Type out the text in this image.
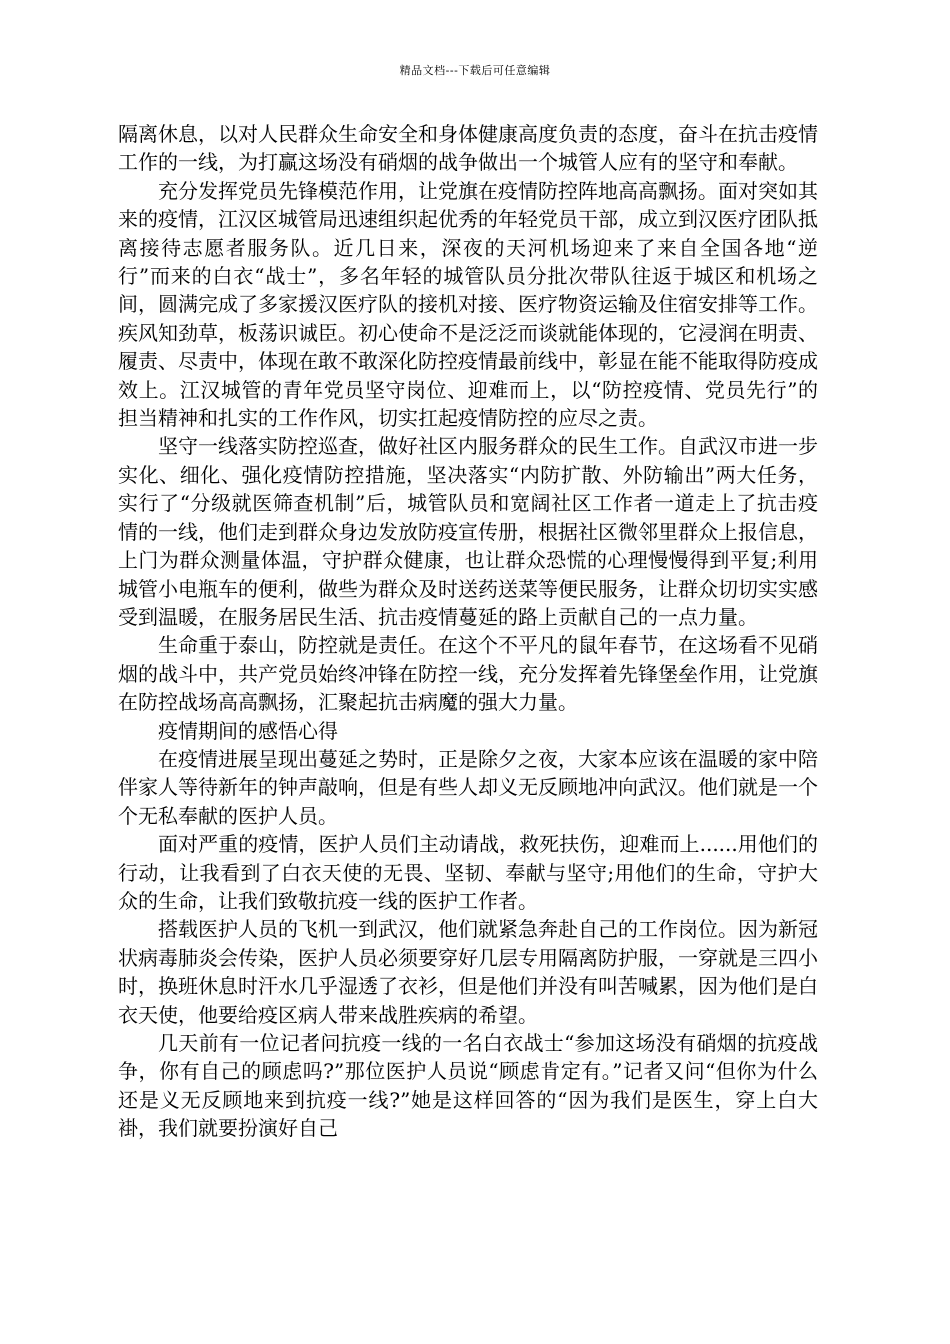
精品文档---下载后可任意编辑

隔离休息，以对人民群众生命安全和身体健康高度负责的态度，奋斗在抗击疫情工作的一线，为打赢这场没有硝烟的战争做出一个城管人应有的坚守和奉献。

充分发挥党员先锋模范作用，让党旗在疫情防控阵地高高飘扬。面对突如其来的疫情，江汉区城管局迅速组织起优秀的年轻党员干部，成立到汉医疗团队抵离接待志愿者服务队。近几日来，深夜的天河机场迎来了来自全国各地“逆行”而来的白衣“战士”，多名年轻的城管队员分批次带队往返于城区和机场之间，圆满完成了多家援汉医疗队的接机对接、医疗物资运输及住宿安排等工作。疾风知劲草，板荡识诚臣。初心使命不是泛泛而谈就能体现的，它浸润在明责、履责、尽责中，体现在敢不敢深化防控疫情最前线中，彰显在能不能取得防疫成效上。江汉城管的青年党员坚守岗位、迎难而上，以“防控疫情、党员先行”的担当精神和扎实的工作作风，切实扛起疫情防控的应尽之责。

坚守一线落实防控巡查，做好社区内服务群众的民生工作。自武汉市进一步实化、细化、强化疫情防控措施，坚决落实“内防扩散、外防输出”两大任务，实行了“分级就医筛查机制”后，城管队员和宽阔社区工作者一道走上了抗击疫情的一线，他们走到群众身边发放防疫宣传册，根据社区微邻里群众上报信息，上门为群众测量体温，守护群众健康，也让群众恐慌的心理慢慢得到平复;利用城管小电瓶车的便利，做些为群众及时送药送菜等便民服务，让群众切切实实感受到温暖，在服务居民生活、抗击疫情蔓延的路上贡献自己的一点力量。

生命重于泰山，防控就是责任。在这个不平凡的鼠年春节，在这场看不见硝烟的战斗中，共产党员始终冲锋在防控一线，充分发挥着先锋堡垒作用，让党旗在防控战场高高飘扬，汇聚起抗击病魔的强大力量。

疫情期间的感悟心得

在疫情进展呈现出蔓延之势时，正是除夕之夜，大家本应该在温暖的家中陪伴家人等待新年的钟声敲响，但是有些人却义无反顾地冲向武汉。他们就是一个个无私奉献的医护人员。

面对严重的疫情，医护人员们主动请战，救死扶伤，迎难而上......用他们的行动，让我看到了白衣天使的无畏、坚韧、奉献与坚守;用他们的生命，守护大众的生命，让我们致敬抗疫一线的医护工作者。

搭载医护人员的飞机一到武汉，他们就紧急奔赴自己的工作岗位。因为新冠状病毒肺炎会传染，医护人员必须要穿好几层专用隔离防护服，一穿就是三四小时，换班休息时汗水几乎湿透了衣衫，但是他们并没有叫苦喊累，因为他们是白衣天使，他要给疫区病人带来战胜疾病的希望。

几天前有一位记者问抗疫一线的一名白衣战士“参加这场没有硝烟的抗疫战争，你有自己的顾虑吗?”那位医护人员说“顾虑肯定有。”记者又问“但你为什么还是义无反顾地来到抗疫一线?”她是这样回答的“因为我们是医生，穿上白大褂，我们就要扮演好自己
